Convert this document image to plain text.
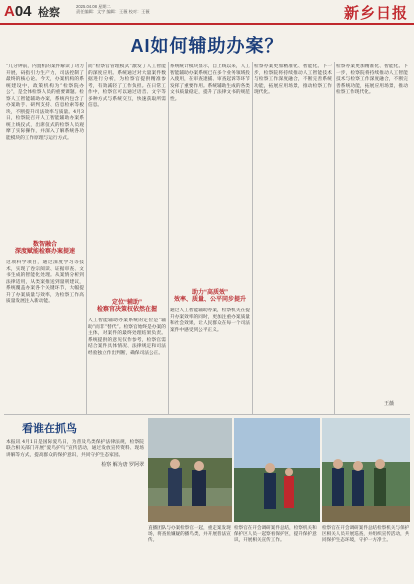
A04 检察
2025.04.08 星期二
责任编辑：文字 编辑：王薇 校对：王薇	新乡日报
AI如何辅助办案？
“几分钟前，内置机的案件解读了功力开展，码指引力生产力，司法控制了最终的核心论。今天，办案机构的系统建设中，政策机构为“检察院办公”，是全体检察人员的重要课题。检察人工智能辅助办案，系统内包含了办案助手、研判支持、信息检索等板块，不断提升司法效率与质量。4月3日，检察院召开人工智能辅助办案系统上线仪式，出席仪式的检察人员观摩了实际操作，并深入了解系统各功能模块的工作原理与运行方式。
数智融合
深度赋能检察办案提速
这项科学项目，通过深度学习等技术，实现了卷宗阅读、证据审查、文书生成的智能化处理。从案情分析到法律适用，从类案推送到量刑建议，系统覆盖办案各个关键环节，大幅提升了办案质量与效率，为检察工作高质量发展注入新动能。
而“检察官管理模式”激发了人工智能的深度应用。系统通过对大量案件数据进行分析，为检察官提供精准参考，有效减轻了工作负担。在日常工作中，检察官可以通过语音、文字等多种方式与系统交互，快速获取所需信息。
定位“辅助”
检察官决策权依然在握
人工智能辅助办案系统的定位是“辅助”而非“替代”。检察官始终是办案的主体，对案件的最终处理结果负责。系统提供的意见仅作参考，检察官需结合案件具体情况、法律规定和司法经验独立作出判断，确保司法公正。
系统统计模块显示，自上线以来，人工智能辅助办案系统已在多个业务领域投入使用，在审查逮捕、审查起诉等环节发挥了重要作用。系统辅助生成的各类文书质量稳定，提升了法律文书的规范性。
助力“高质效”
效率、质量、公平同步提升
通过人工智能辅助办案，检察机关在提升办案效率的同时，更加注重办案质量和社会效果，让人民群众在每一个司法案件中感受到公平正义。
检察办案更加精准化、智能化。下一步，检察院将持续推动人工智能技术与检察工作深度融合，不断完善系统功能，拓展应用场景，推动检察工作现代化。
检察办案更加精准化、智能化。下一步，检察院将持续推动人工智能技术与检察工作深度融合，不断完善系统功能，拓展应用场景，推动检察工作现代化。
王薇
看谁在抓鸟
本报讯 4月1日是国际爱鸟日，为普及鸟类保护法律法规，检察院联合相关部门开展“爱鸟护鸟”宣传活动，通过发放宣传资料、现场讲解等方式，提高群众的保护意识，共同守护生态家园。
检察 解为唐 罗阿翠
直播团队与办案检察官一起，重走案发现场，将查鱼嫌疑的播鸟类，并开展普法宣传。
检察官在开会调研案件总结，检察机关和保护区人员一起察看保护区，提升保护意识，开展相关宣传工作。
检察官在开会调研案件总结检察机关与保护区相关人员开展巡查，并组织宣传活动，共同保护生态环境，守护一方净土。
